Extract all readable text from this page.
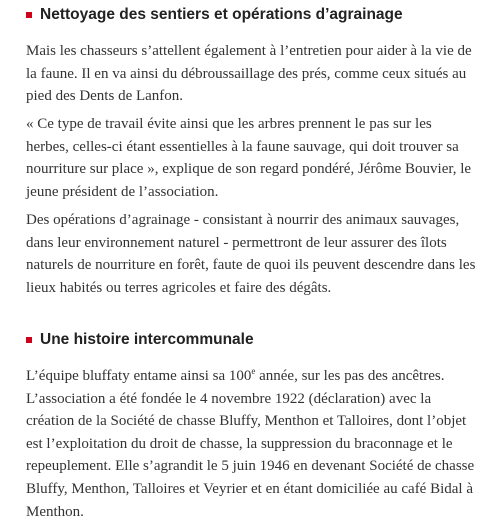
Nettoyage des sentiers et opérations d’agrainage

Mais les chasseurs s’attellent également à l’entretien pour aider à la vie de la faune. Il en va ainsi du débroussaillage des prés, comme ceux situés au pied des Dents de Lanfon.

« Ce type de travail évite ainsi que les arbres prennent le pas sur les herbes, celles-ci étant essentielles à la faune sauvage, qui doit trouver sa nourriture sur place », explique de son regard pondéré, Jérôme Bouvier, le jeune président de l’association.

Des opérations d’agrainage - consistant à nourrir des animaux sauvages, dans leur environnement naturel - permettront de leur assurer des îlots naturels de nourriture en forêt, faute de quoi ils peuvent descendre dans les lieux habités ou terres agricoles et faire des dégâts.

Une histoire intercommunale

L’équipe bluffaty entame ainsi sa 100e année, sur les pas des ancêtres. L’association a été fondée le 4 novembre 1922 (déclaration) avec la création de la Société de chasse Bluffy, Menthon et Talloires, dont l’objet est l’exploitation du droit de chasse, la suppression du braconnage et le repeuplement. Elle s’agrandit le 5 juin 1946 en devenant Société de chasse Bluffy, Menthon, Talloires et Veyrier et en étant domiciliée au café Bidal à Menthon.
